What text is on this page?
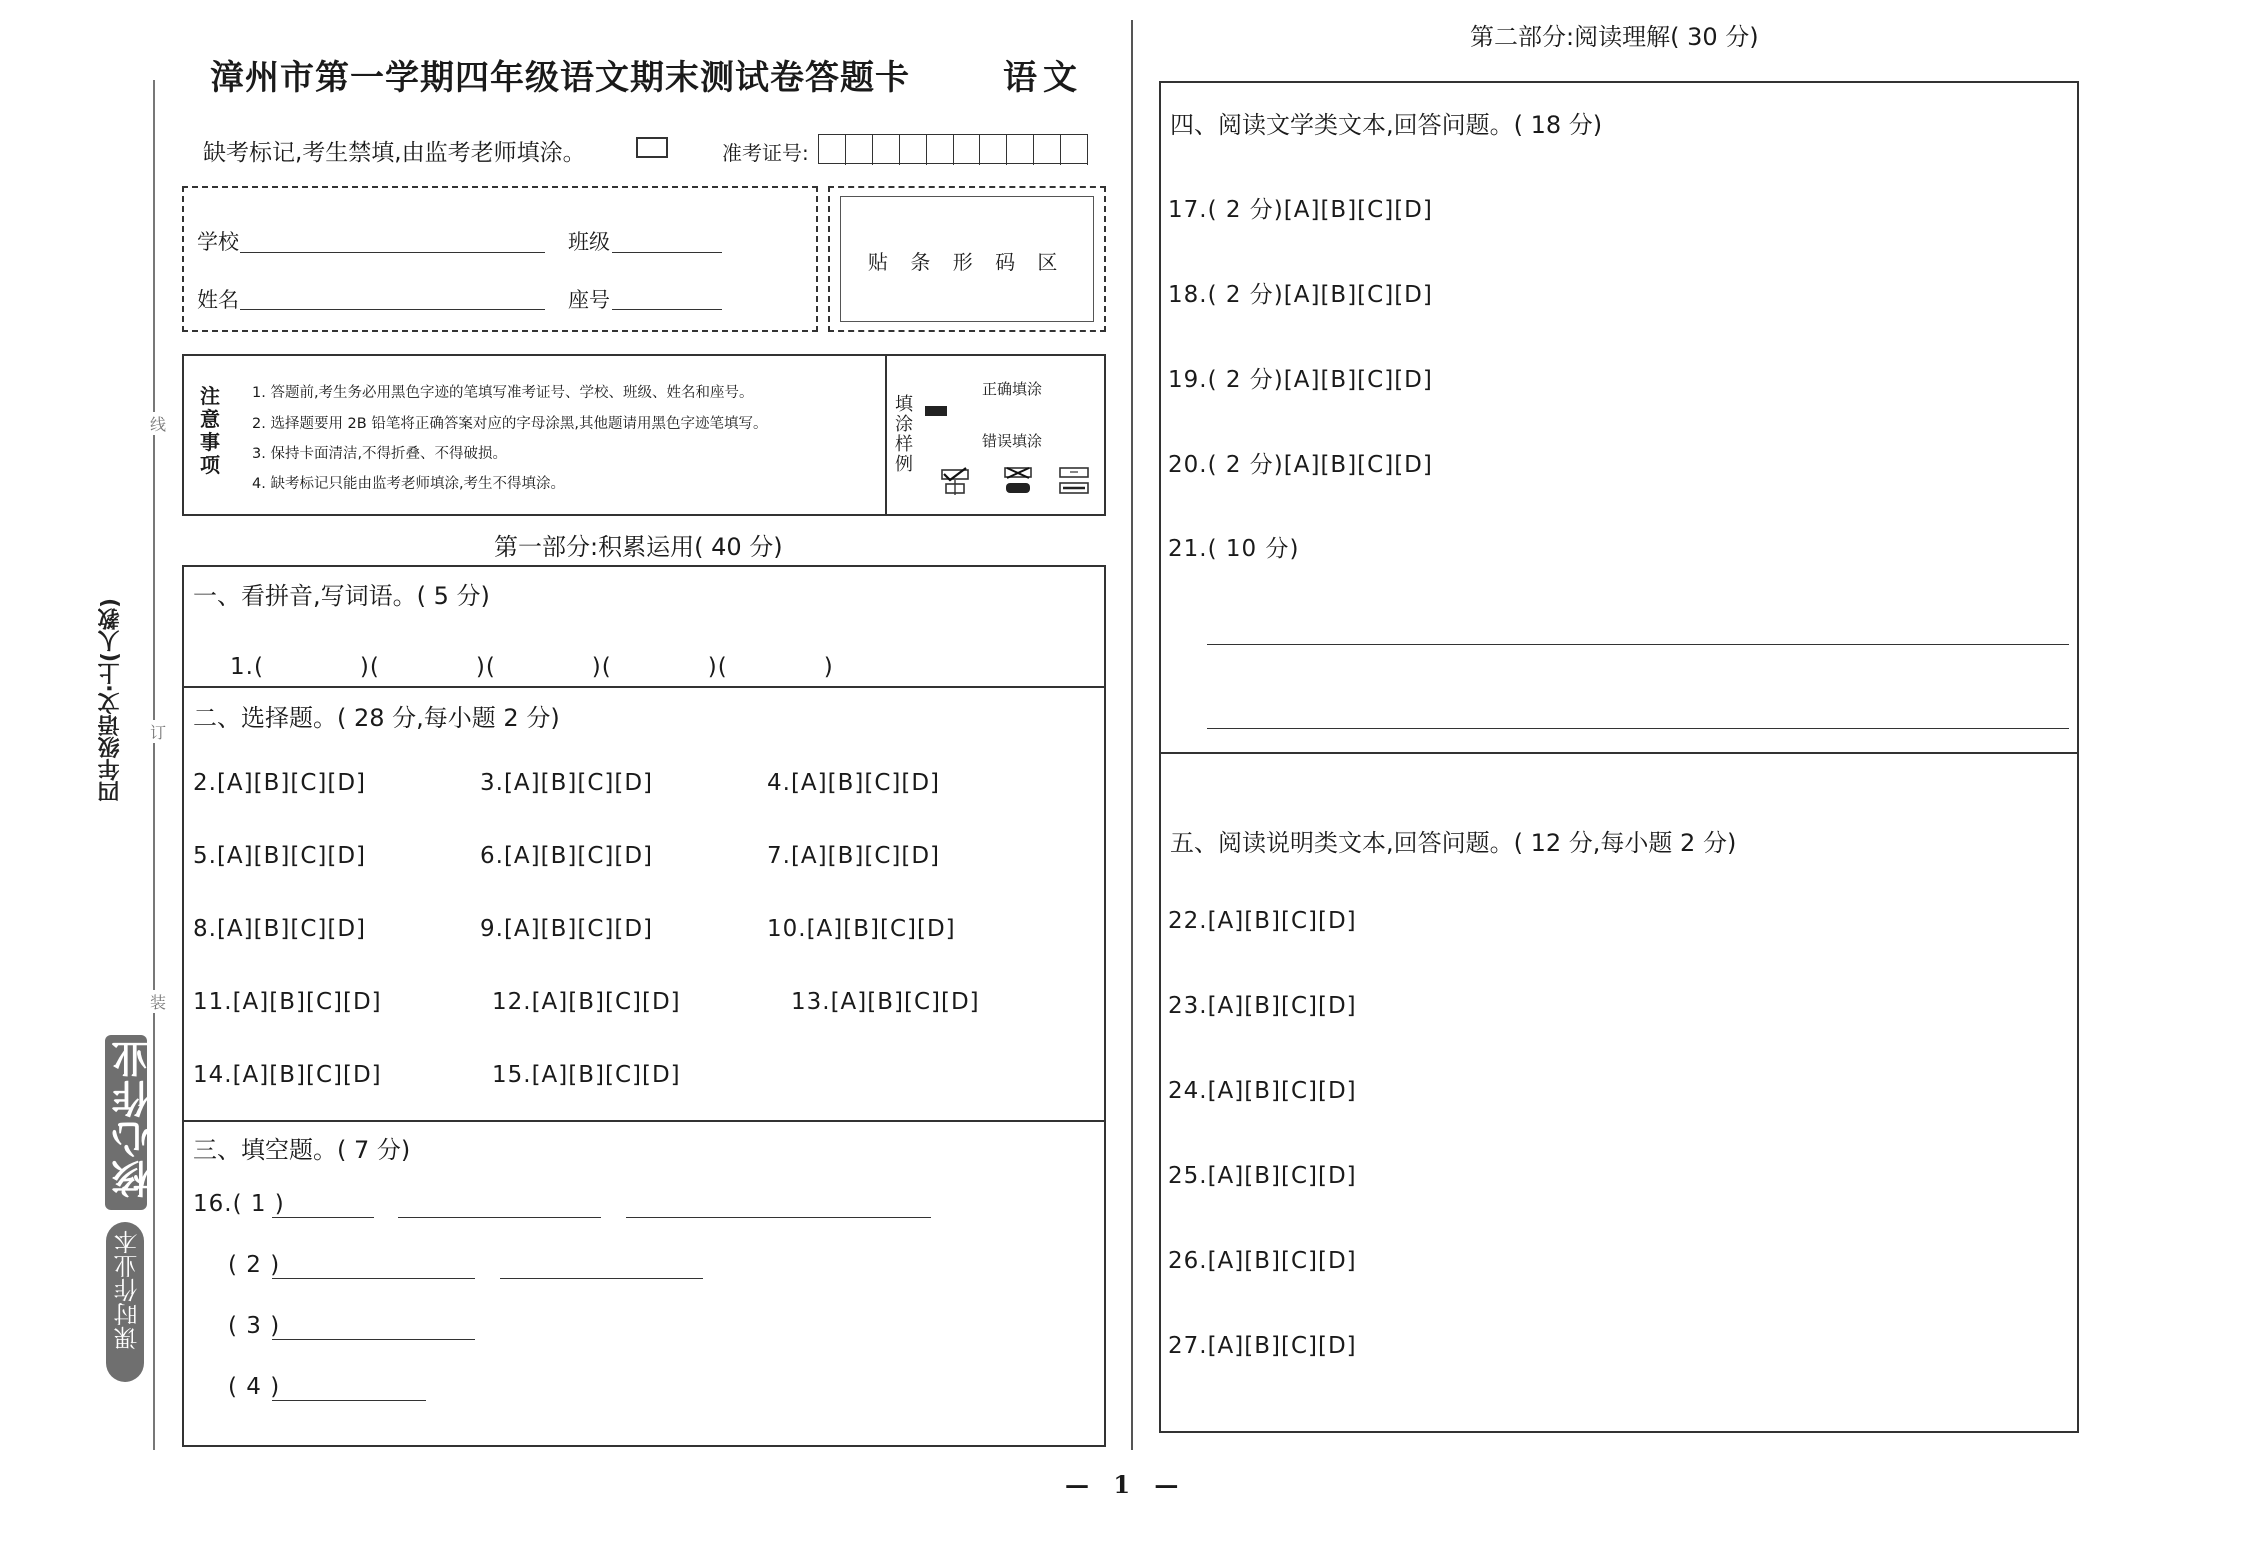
线
订
装
四年级语文·上(人教)
核心作业
课时作业本
漳州市第一学期四年级语文期末测试卷答题卡	语文
缺考标记,考生禁填,由监考老师填涂。	准考证号:
学校	班级
姓名	座号
贴 条 形 码 区
注意事项
1. 答题前,考生务必用黑色字迹的笔填写准考证号、学校、班级、姓名和座号。
2. 选择题要用 2B 铅笔将正确答案对应的字母涂黑,其他题请用黑色字迹笔填写。
3. 保持卡面清洁,不得折叠、不得破损。
4. 缺考标记只能由监考老师填涂,考生不得填涂。
填涂样例
正确填涂
错误填涂
第一部分:积累运用( 40 分)
一、看拼音,写词语。( 5 分)
1.(　　　　)(　　　　)(　　　　)(　　　　)(　　　　)
二、选择题。( 28 分,每小题 2 分)
2.[A][B][C][D]	3.[A][B][C][D]	4.[A][B][C][D]
5.[A][B][C][D]	6.[A][B][C][D]	7.[A][B][C][D]
8.[A][B][C][D]	9.[A][B][C][D]	10.[A][B][C][D]
11.[A][B][C][D]	12.[A][B][C][D]	13.[A][B][C][D]
14.[A][B][C][D]	15.[A][B][C][D]
三、填空题。( 7 分)
16.( 1 )
( 2 )
( 3 )
( 4 )
第二部分:阅读理解( 30 分)
四、阅读文学类文本,回答问题。( 18 分)
17.( 2 分)[A][B][C][D]
18.( 2 分)[A][B][C][D]
19.( 2 分)[A][B][C][D]
20.( 2 分)[A][B][C][D]
21.( 10 分)
五、阅读说明类文本,回答问题。( 12 分,每小题 2 分)
22.[A][B][C][D]
23.[A][B][C][D]
24.[A][B][C][D]
25.[A][B][C][D]
26.[A][B][C][D]
27.[A][B][C][D]
— 1 —
